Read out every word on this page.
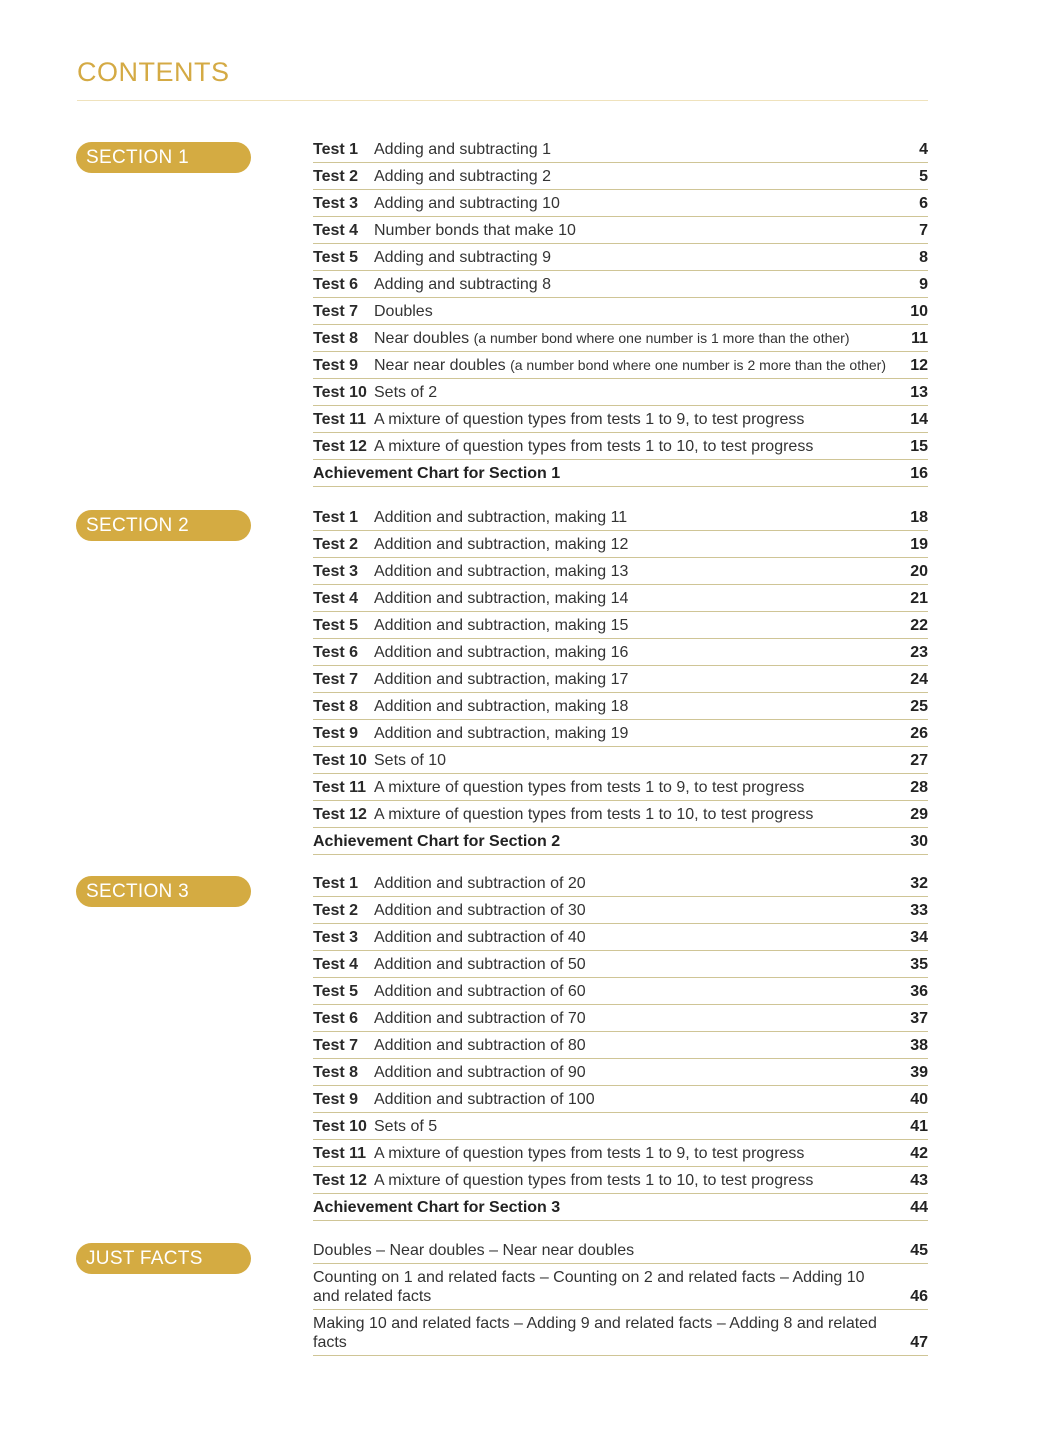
CONTENTS
SECTION 1	Test 1 Adding and subtracting 1	4
Test 2 Adding and subtracting 2	5
Test 3 Adding and subtracting 10	6
Test 4 Number bonds that make 10	7
Test 5 Adding and subtracting 9	8
Test 6 Adding and subtracting 8	9
Test 7 Doubles	10
Test 8 Near doubles (a number bond where one number is 1 more than the other)	11
Test 9 Near near doubles (a number bond where one number is 2 more than the other)	12
Test 10 Sets of 2	13
Test 11 A mixture of question types from tests 1 to 9, to test progress	14
Test 12 A mixture of question types from tests 1 to 10, to test progress	15
Achievement Chart for Section 1	16
SECTION 2	Test 1 Addition and subtraction, making 11	18
Test 2 Addition and subtraction, making 12	19
Test 3 Addition and subtraction, making 13	20
Test 4 Addition and subtraction, making 14	21
Test 5 Addition and subtraction, making 15	22
Test 6 Addition and subtraction, making 16	23
Test 7 Addition and subtraction, making 17	24
Test 8 Addition and subtraction, making 18	25
Test 9 Addition and subtraction, making 19	26
Test 10 Sets of 10	27
Test 11 A mixture of question types from tests 1 to 9, to test progress	28
Test 12 A mixture of question types from tests 1 to 10, to test progress	29
Achievement Chart for Section 2	30
SECTION 3	Test 1 Addition and subtraction of 20	32
Test 2 Addition and subtraction of 30	33
Test 3 Addition and subtraction of 40	34
Test 4 Addition and subtraction of 50	35
Test 5 Addition and subtraction of 60	36
Test 6 Addition and subtraction of 70	37
Test 7 Addition and subtraction of 80	38
Test 8 Addition and subtraction of 90	39
Test 9 Addition and subtraction of 100	40
Test 10 Sets of 5	41
Test 11 A mixture of question types from tests 1 to 9, to test progress	42
Test 12 A mixture of question types from tests 1 to 10, to test progress	43
Achievement Chart for Section 3	44
JUST FACTS	Doubles – Near doubles – Near near doubles	45
Counting on 1 and related facts – Counting on 2 and related facts – Adding 10 and related facts	46
Making 10 and related facts – Adding 9 and related facts – Adding 8 and related facts	47
